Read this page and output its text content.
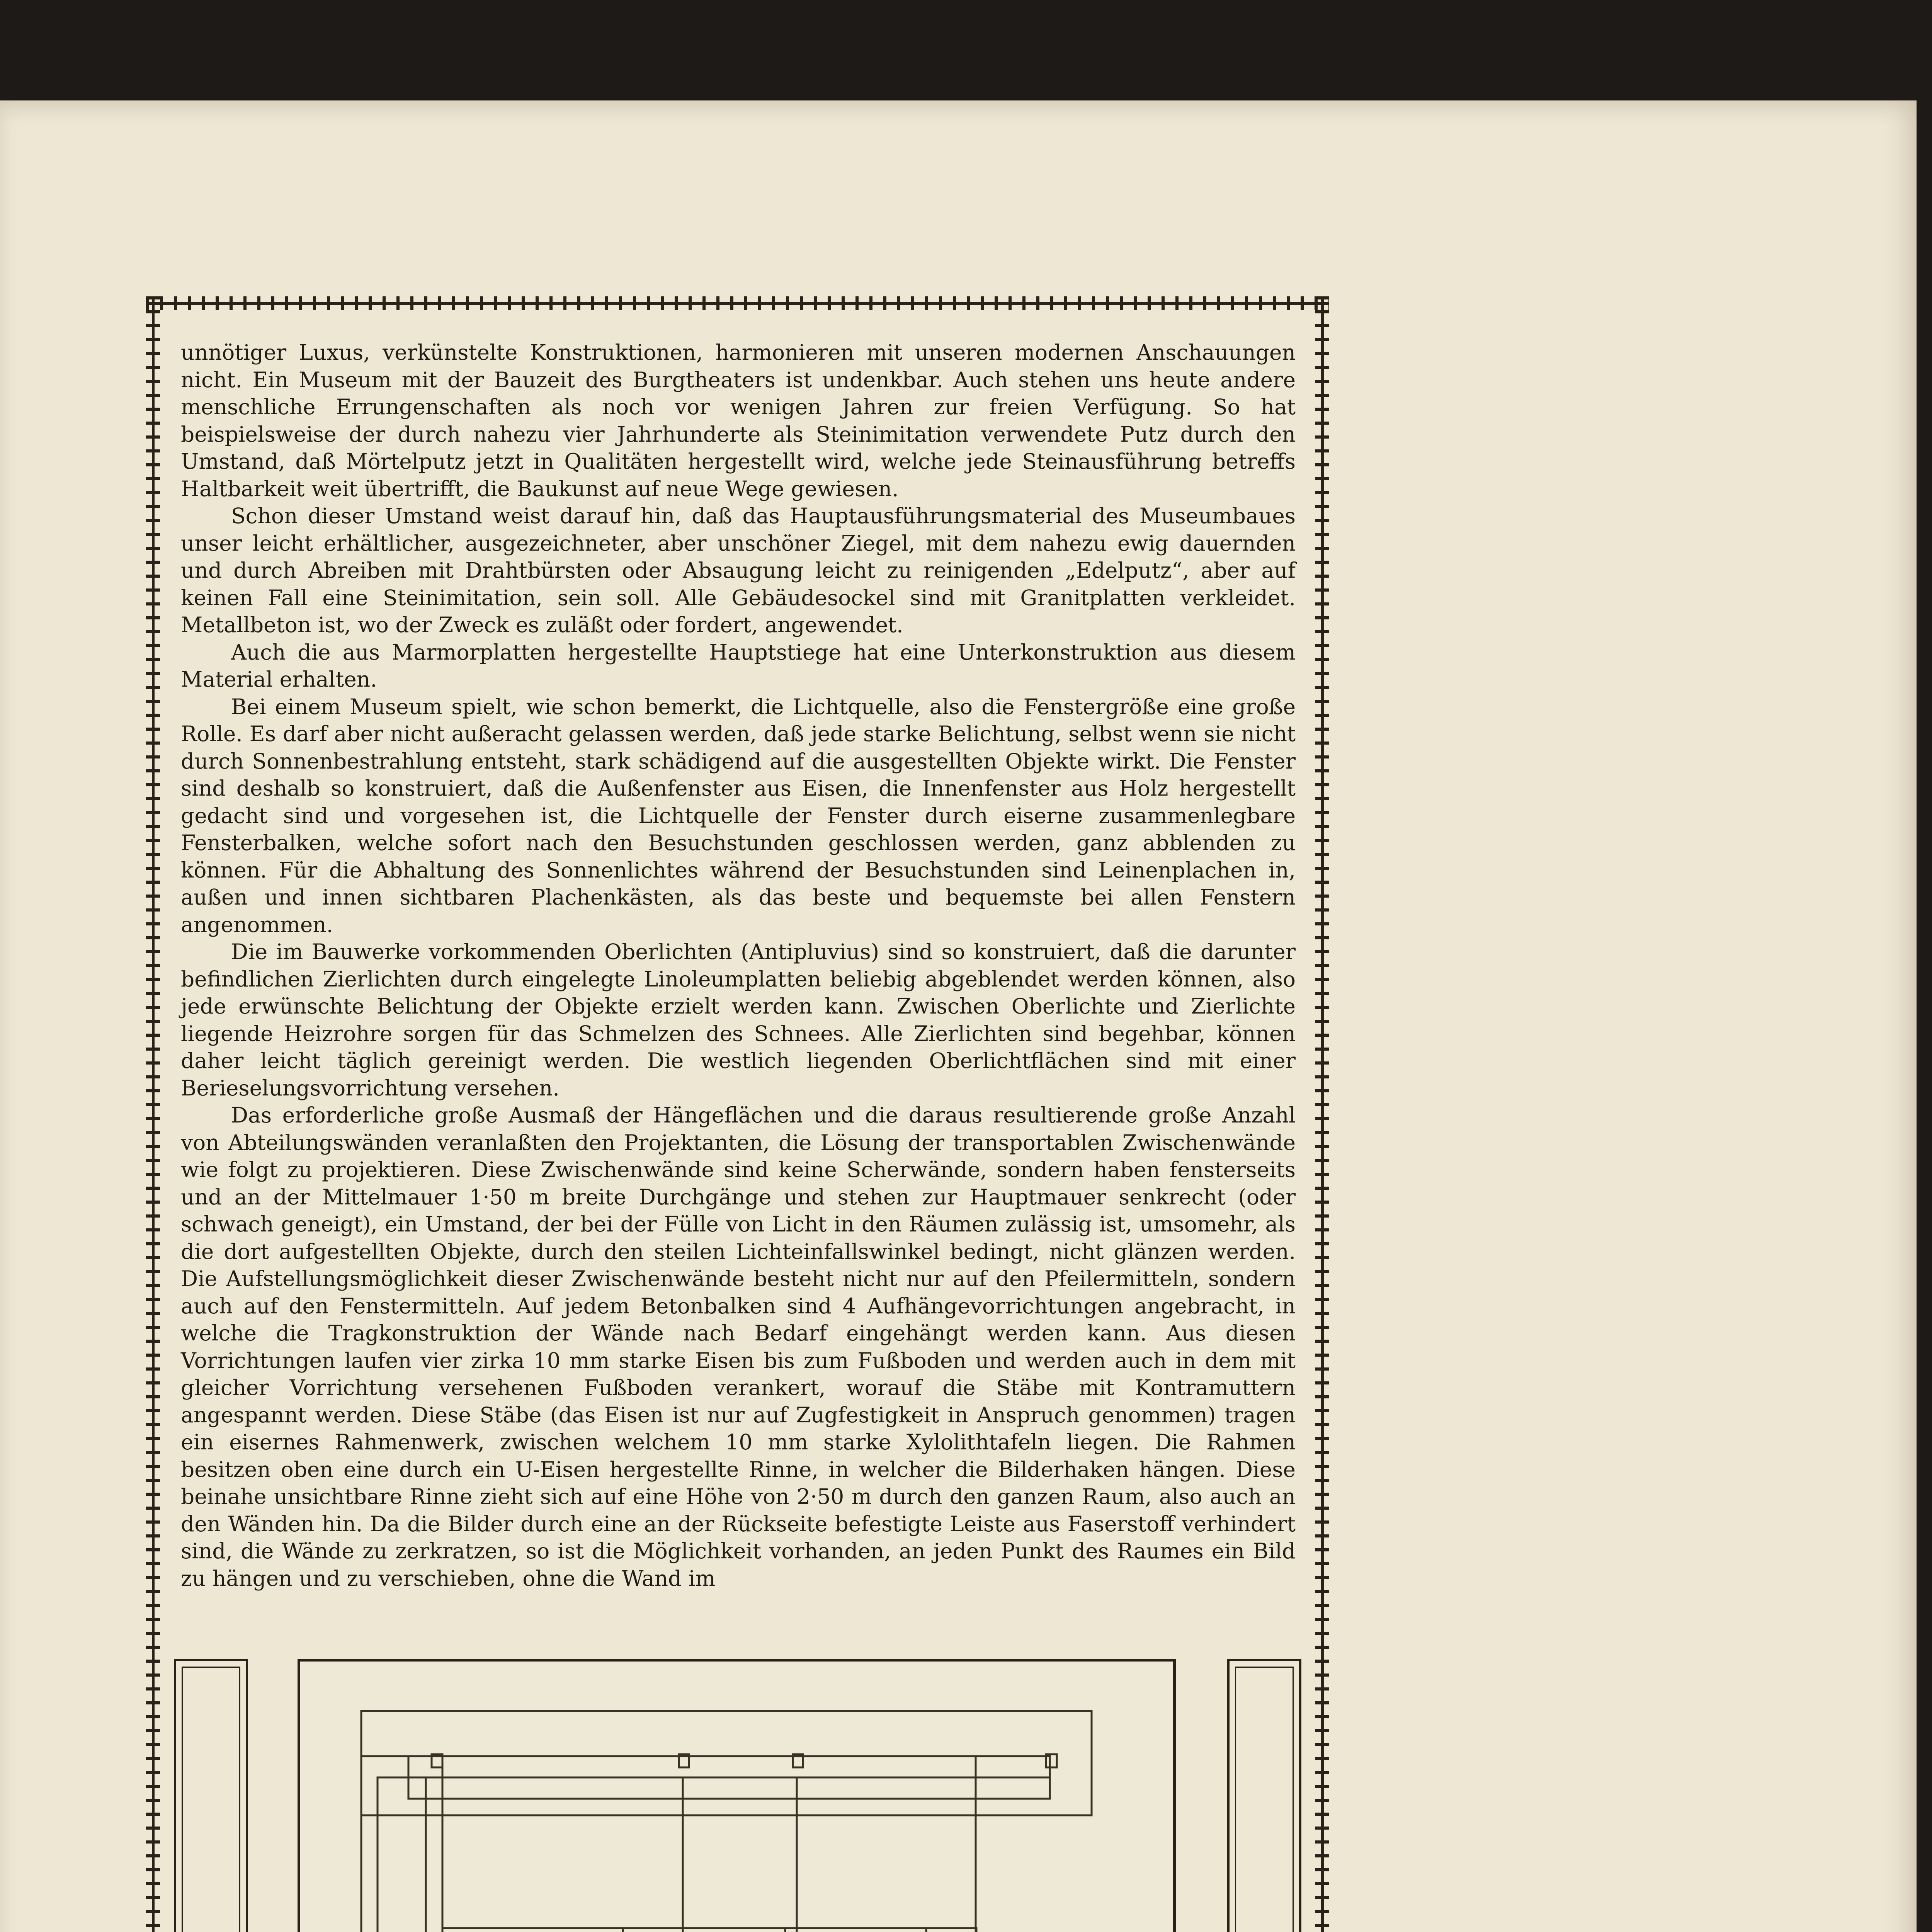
unnötiger Luxus, verkünstelte Konstruktionen, harmonieren mit unseren modernen Anschauungen nicht. Ein Museum mit der Bauzeit des Burgtheaters ist undenkbar. Auch stehen uns heute andere menschliche Errungenschaften als noch vor wenigen Jahren zur freien Verfügung. So hat beispielsweise der durch nahezu vier Jahrhunderte als Steinimitation verwendete Putz durch den Umstand, daß Mörtelputz jetzt in Qualitäten hergestellt wird, welche jede Steinausführung betreffs Haltbarkeit weit übertrifft, die Baukunst auf neue Wege gewiesen.

Schon dieser Umstand weist darauf hin, daß das Hauptausführungsmaterial des Museumbaues unser leicht erhältlicher, ausgezeichneter, aber unschöner Ziegel, mit dem nahezu ewig dauernden und durch Abreiben mit Drahtbürsten oder Absaugung leicht zu reinigenden „Edelputz“, aber auf keinen Fall eine Steinimitation, sein soll. Alle Gebäudesockel sind mit Granitplatten verkleidet. Metallbeton ist, wo der Zweck es zuläßt oder fordert, angewendet.

Auch die aus Marmorplatten hergestellte Hauptstiege hat eine Unterkonstruktion aus diesem Material erhalten.

Bei einem Museum spielt, wie schon bemerkt, die Lichtquelle, also die Fenstergröße eine große Rolle. Es darf aber nicht außeracht gelassen werden, daß jede starke Belichtung, selbst wenn sie nicht durch Sonnenbestrahlung entsteht, stark schädigend auf die ausgestellten Objekte wirkt. Die Fenster sind deshalb so konstruiert, daß die Außenfenster aus Eisen, die Innenfenster aus Holz hergestellt gedacht sind und vorgesehen ist, die Lichtquelle der Fenster durch eiserne zusammenlegbare Fensterbalken, welche sofort nach den Besuchstunden geschlossen werden, ganz abblenden zu können. Für die Abhaltung des Sonnenlichtes während der Besuchstunden sind Leinenplachen in, außen und innen sichtbaren Plachenkästen, als das beste und bequemste bei allen Fenstern angenommen.

Die im Bauwerke vorkommenden Oberlichten (Antipluvius) sind so konstruiert, daß die darunter befindlichen Zierlichten durch eingelegte Linoleumplatten beliebig abgeblendet werden können, also jede erwünschte Belichtung der Objekte erzielt werden kann. Zwischen Oberlichte und Zierlichte liegende Heizrohre sorgen für das Schmelzen des Schnees. Alle Zierlichten sind begehbar, können daher leicht täglich gereinigt werden. Die westlich liegenden Oberlichtflächen sind mit einer Berieselungsvorrichtung versehen.

Das erforderliche große Ausmaß der Hängeflächen und die daraus resultierende große Anzahl von Abteilungswänden veranlaßten den Projektanten, die Lösung der transportablen Zwischenwände wie folgt zu projektieren. Diese Zwischenwände sind keine Scherwände, sondern haben fensterseits und an der Mittelmauer 1·50 m breite Durchgänge und stehen zur Hauptmauer senkrecht (oder schwach geneigt), ein Umstand, der bei der Fülle von Licht in den Räumen zulässig ist, umsomehr, als die dort aufgestellten Objekte, durch den steilen Lichteinfallswinkel bedingt, nicht glänzen werden. Die Aufstellungsmöglichkeit dieser Zwischenwände besteht nicht nur auf den Pfeilermitteln, sondern auch auf den Fenstermitteln. Auf jedem Betonbalken sind 4 Aufhängevorrichtungen angebracht, in welche die Tragkonstruktion der Wände nach Bedarf eingehängt werden kann. Aus diesen Vorrichtungen laufen vier zirka 10 mm starke Eisen bis zum Fußboden und werden auch in dem mit gleicher Vorrichtung versehenen Fußboden verankert, worauf die Stäbe mit Kontramuttern angespannt werden. Diese Stäbe (das Eisen ist nur auf Zugfestigkeit in Anspruch genommen) tragen ein eisernes Rahmenwerk, zwischen welchem 10 mm starke Xylolithtafeln liegen. Die Rahmen besitzen oben eine durch ein U-Eisen hergestellte Rinne, in welcher die Bilderhaken hängen. Diese beinahe unsichtbare Rinne zieht sich auf eine Höhe von 2·50 m durch den ganzen Raum, also auch an den Wänden hin. Da die Bilder durch eine an der Rückseite befestigte Leiste aus Faserstoff verhindert sind, die Wände zu zerkratzen, so ist die Möglichkeit vorhanden, an jeden Punkt des Raumes ein Bild zu hängen und zu verschieben, ohne die Wand im
